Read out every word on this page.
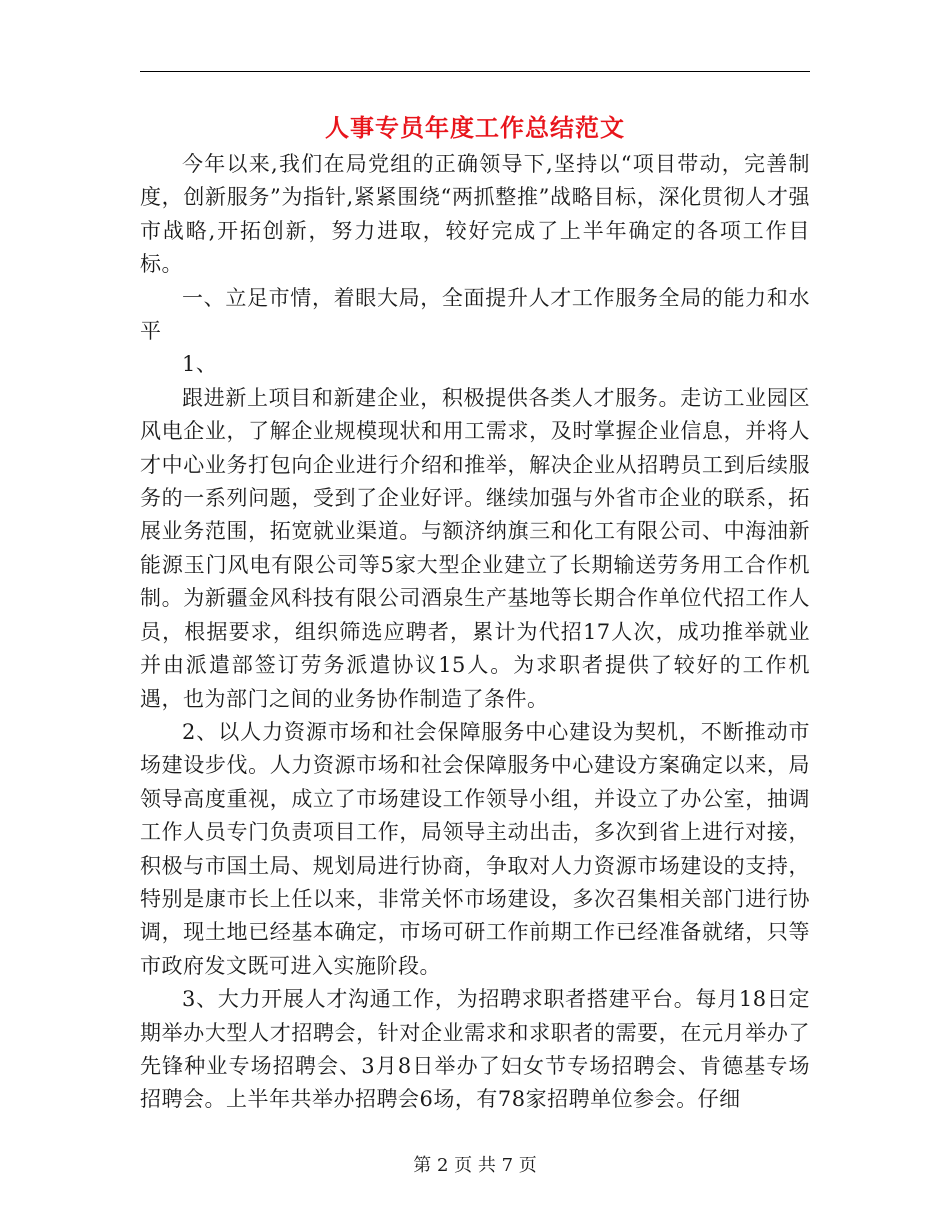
人事专员年度工作总结范文

今年以来,我们在局党组的正确领导下,坚持以“项目带动，完善制度，创新服务”为指针,紧紧围绕“两抓整推”战略目标，深化贯彻人才强市战略,开拓创新，努力进取，较好完成了上半年确定的各项工作目标。

一、立足市情，着眼大局，全面提升人才工作服务全局的能力和水平

1、

跟进新上项目和新建企业，积极提供各类人才服务。走访工业园区风电企业，了解企业规模现状和用工需求，及时掌握企业信息，并将人才中心业务打包向企业进行介绍和推举，解决企业从招聘员工到后续服务的一系列问题，受到了企业好评。继续加强与外省市企业的联系，拓展业务范围，拓宽就业渠道。与额济纳旗三和化工有限公司、中海油新能源玉门风电有限公司等5家大型企业建立了长期输送劳务用工合作机制。为新疆金风科技有限公司酒泉生产基地等长期合作单位代招工作人员，根据要求，组织筛选应聘者，累计为代招17人次，成功推举就业并由派遣部签订劳务派遣协议15人。为求职者提供了较好的工作机遇，也为部门之间的业务协作制造了条件。

2、以人力资源市场和社会保障服务中心建设为契机，不断推动市场建设步伐。人力资源市场和社会保障服务中心建设方案确定以来，局领导高度重视，成立了市场建设工作领导小组，并设立了办公室，抽调工作人员专门负责项目工作，局领导主动出击，多次到省上进行对接，积极与市国土局、规划局进行协商，争取对人力资源市场建设的支持，特别是康市长上任以来，非常关怀市场建设，多次召集相关部门进行协调，现土地已经基本确定，市场可研工作前期工作已经准备就绪，只等市政府发文既可进入实施阶段。

3、大力开展人才沟通工作，为招聘求职者搭建平台。每月18日定期举办大型人才招聘会，针对企业需求和求职者的需要，在元月举办了先锋种业专场招聘会、3月8日举办了妇女节专场招聘会、肯德基专场招聘会。上半年共举办招聘会6场，有78家招聘单位参会。仔细

第 2 页 共 7 页
